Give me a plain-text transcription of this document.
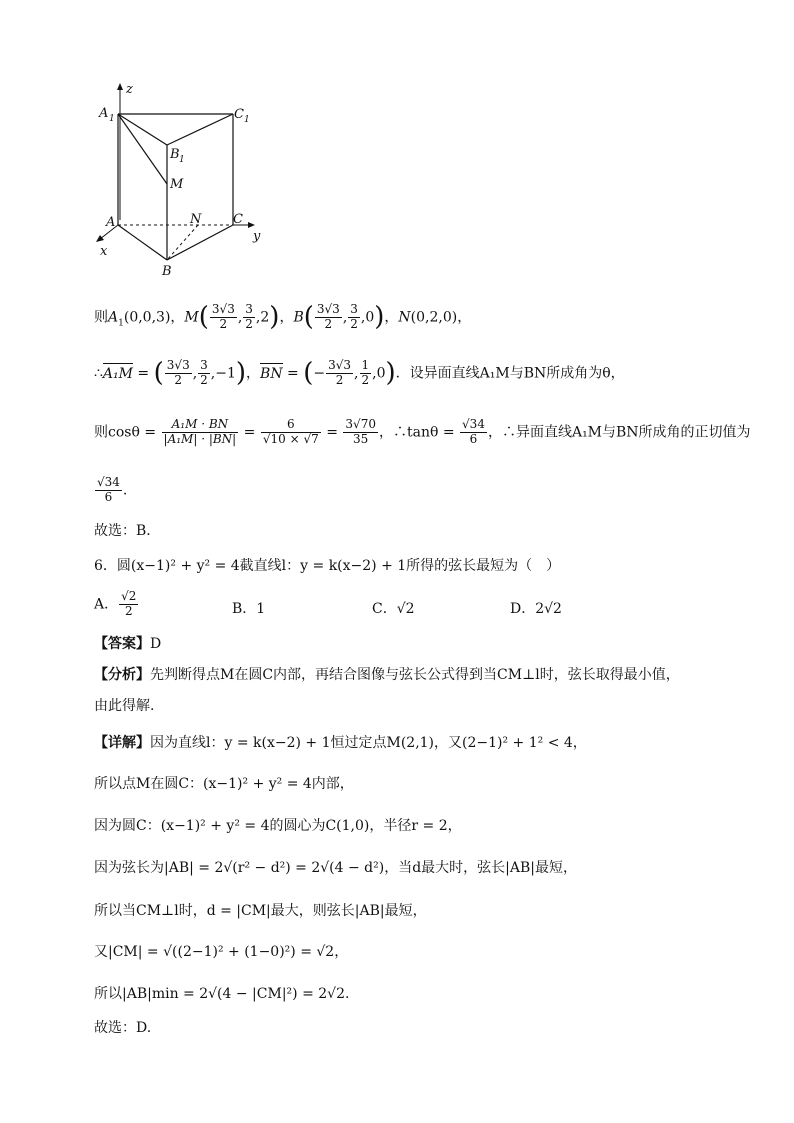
z
A 1	C 1
B 1
M
A	N C
y
x
B
则$A_1(0,0,3)$，$M( \frac{3√3}{2}$ , $\frac{3}{2} ,2$)，$B( \frac{3√3}{2}$ , $\frac{3}{2} ,0$)，N(0,2,0)，
∴A₁M = ( $\frac{3√3}{2}$ , $\frac{3}{2} ,-1$)，BN = (− $\frac{3√3}{2}$ , $\frac{1}{2} ,0$)．设异面直线A₁M与BN所成角为θ，
则$\cos\theta = \frac{\text{A₁M · BN}}{\text{|A₁M| · |BN|}} = \frac{6}{√10 \times √7} = \frac{3√70}{35}$ ，∴tanθ = $\frac{√34}{6}$ ，∴异面直线A₁M与BN所成角的正切值为
$\frac{√34}{6}$ .
故选：B．
6．圆(x−1)² + y² = 4截直线l：y = k(x−2) + 1所得的弦长最短为（　）
A． $\frac{√2}{2}$	B．1	C．√2	D．2√2
【答案】D
【分析】先判断得点M在圆C内部，再结合图像与弦长公式得到当CM⊥l时，弦长取得最小值，
由此得解.
【详解】因为直线l：y = k(x−2) + 1恒过定点M(2,1)，又(2−1)² + 1² < 4，
所以点M在圆C：(x−1)² + y² = 4内部，
因为圆C：(x−1)² + y² = 4的圆心为C(1,0)，半径r = 2，
因为弦长为|AB| = 2√(r² − d²) = 2√(4 − d²)，当d最大时，弦长|AB|最短，
所以当CM⊥l时，d = |CM|最大，则弦长|AB|最短，
又|CM| = √((2−1)² + (1−0)²) = √2，
所以|AB|min = 2√(4 − |CM|²) = 2√2.
故选：D.
